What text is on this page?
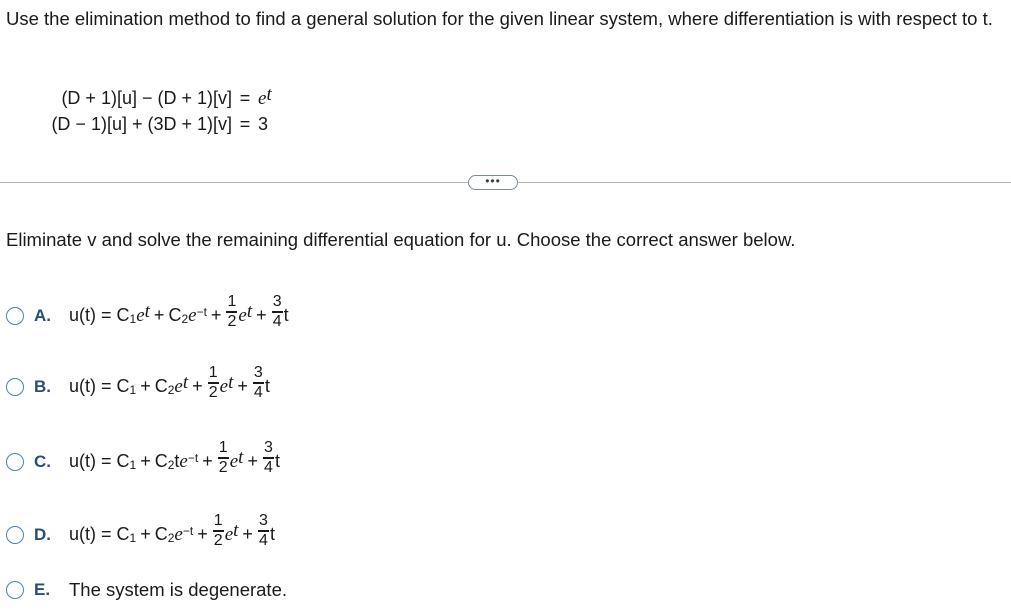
Use the elimination method to find a general solution for the given linear system, where differentiation is with respect to t.
$(D + 1)[u] - (D + 1)[v] = e^t$
(D − 1)[u] + (3D + 1)[v] = 3
•••
Eliminate v and solve the remaining differential equation for u. Choose the correct answer below.
A.	$u(t) = C_1$ $e^t + C_2$ $e^{-t} + \frac{1}{2} e^t + \frac{3}{4}$ t
B.	$u(t) = C_1 + C_2$ $e^t + \frac{1}{2} e^t + \frac{3}{4}$ t
C.	$u(t) = C_1 + C_2$ t $e^{-t} + \frac{1}{2} e^t + \frac{3}{4}$ t
D.	$u(t) = C_1 + C_2$ $e^{-t} + \frac{1}{2} e^t + \frac{3}{4}$ t
E.	The system is degenerate.
